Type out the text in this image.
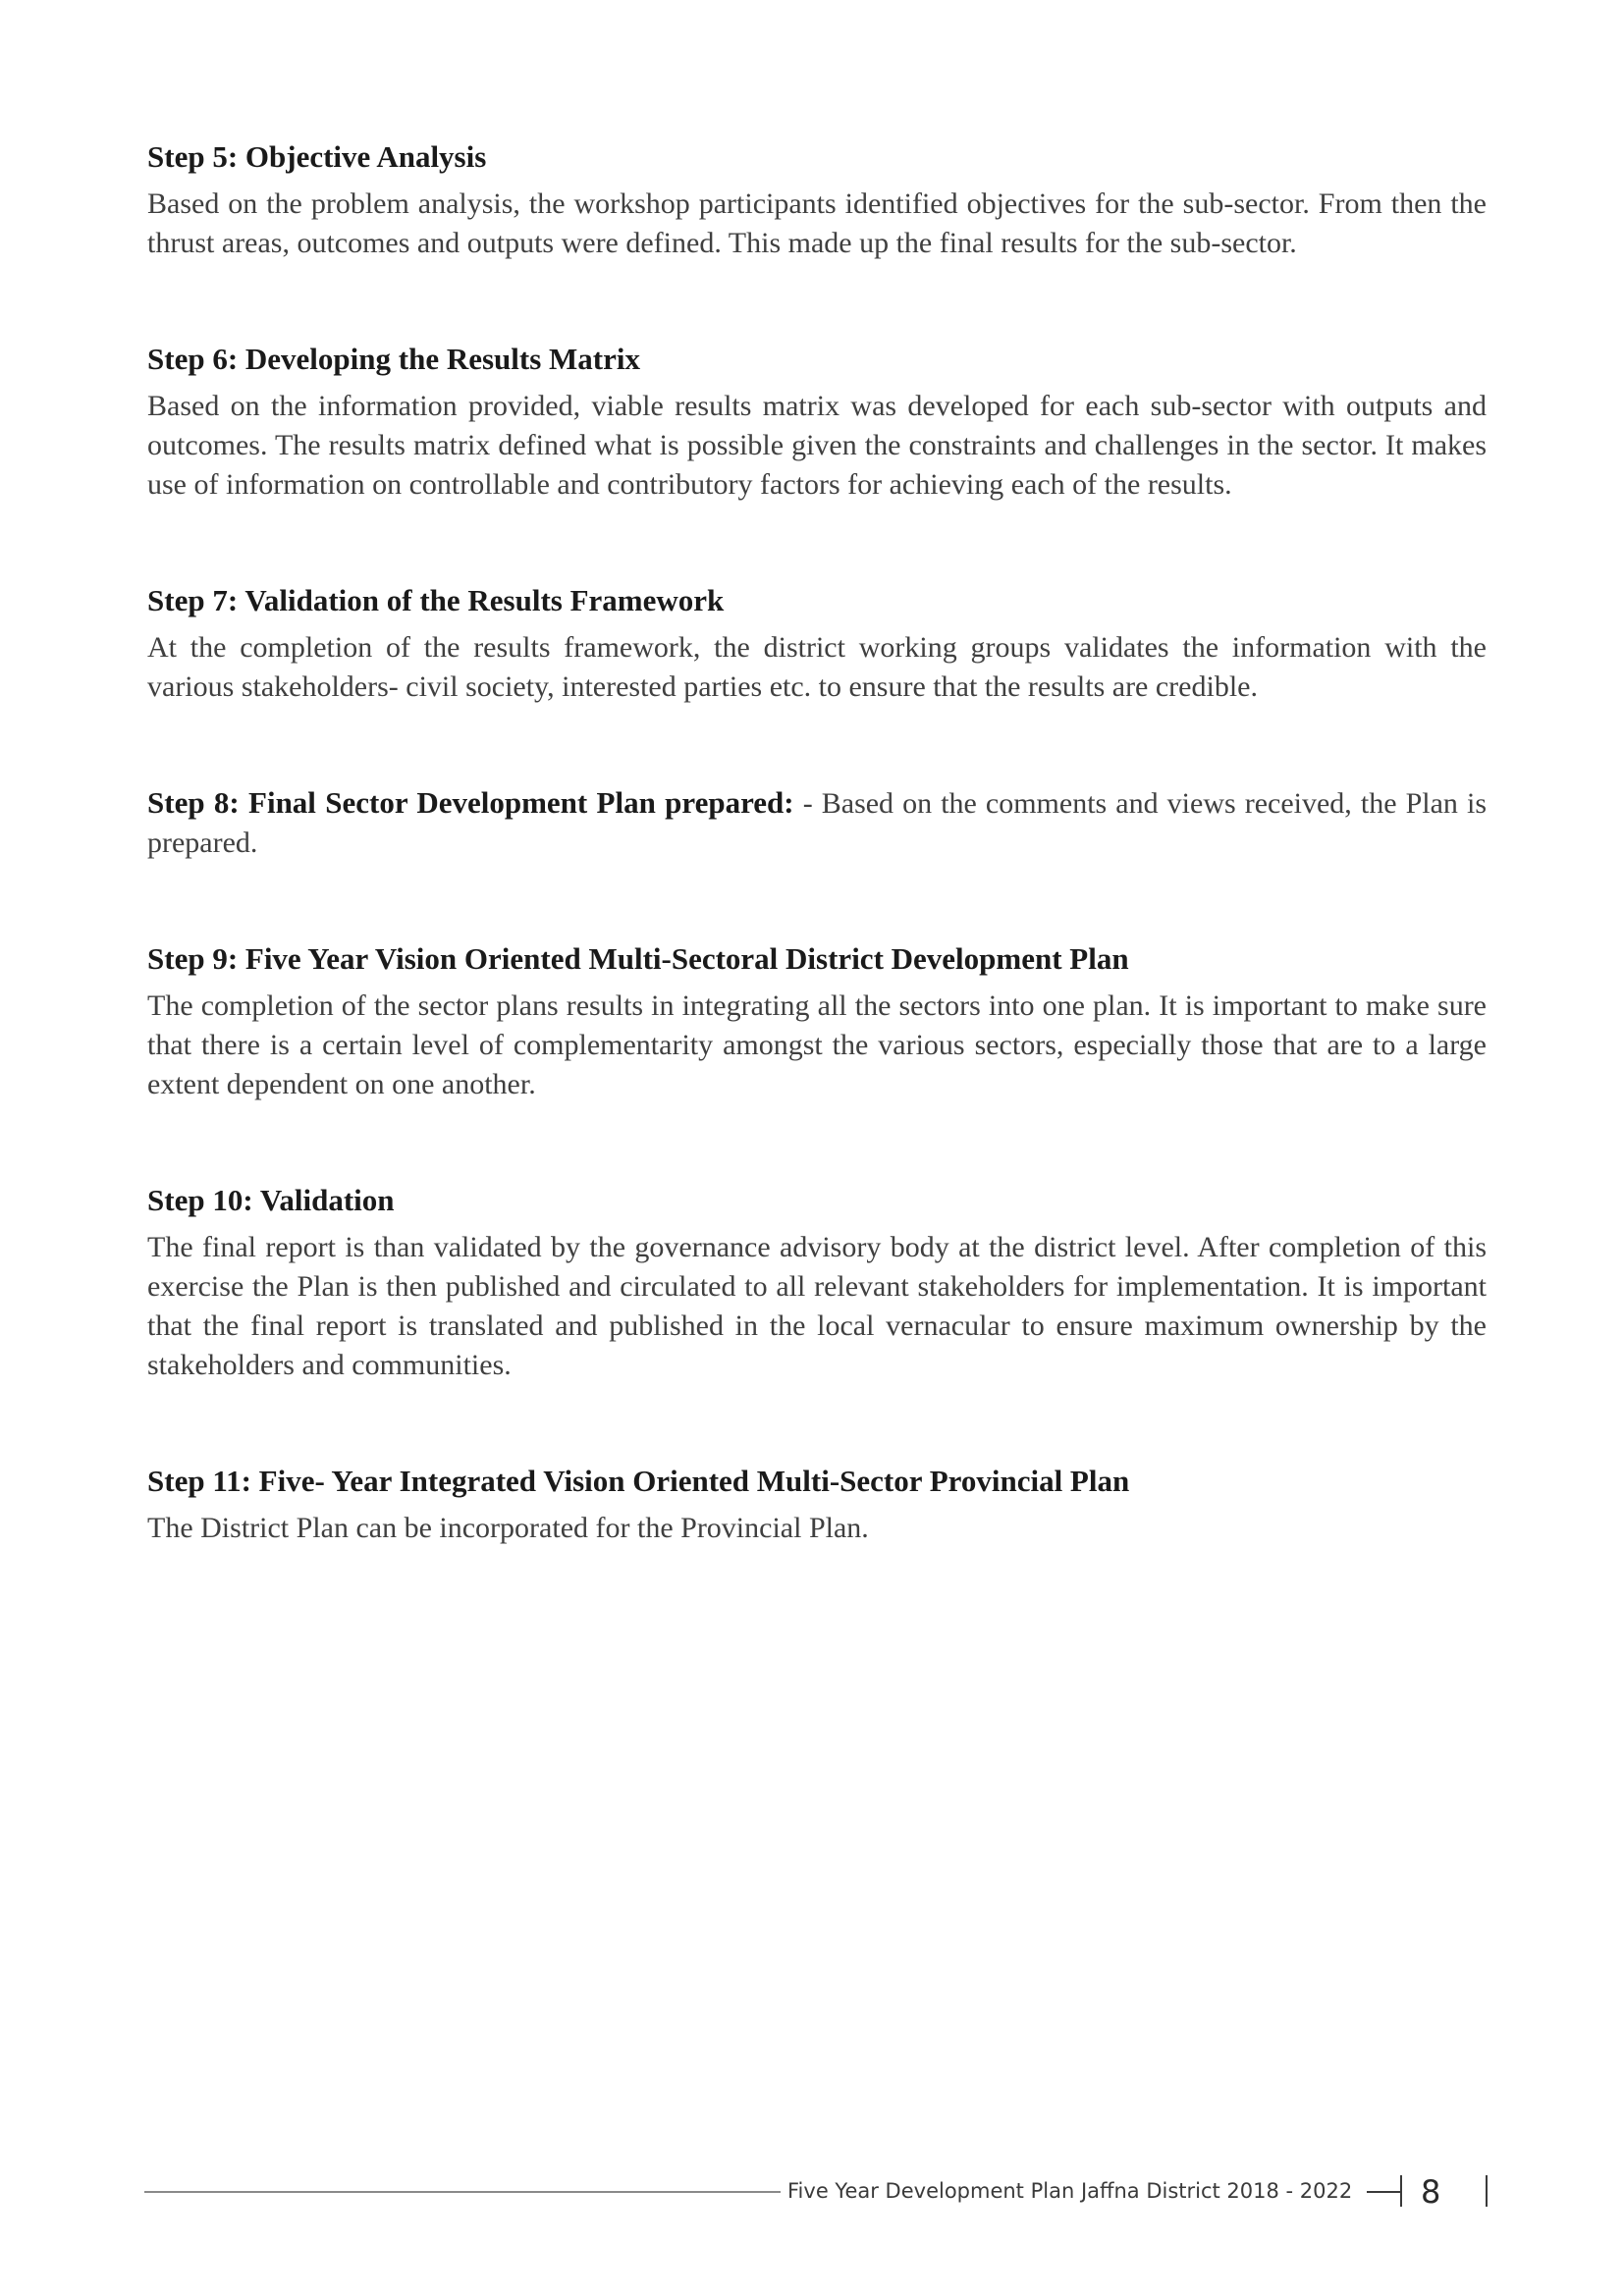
Step 5: Objective Analysis

Based on the problem analysis, the workshop participants identified objectives for the sub-sector. From then the thrust areas, outcomes and outputs were defined. This made up the final results for the sub-sector.

Step 6: Developing the Results Matrix

Based on the information provided, viable results matrix was developed for each sub-sector with outputs and outcomes. The results matrix defined what is possible given the constraints and challenges in the sector. It makes use of information on controllable and contributory factors for achieving each of the results.

Step 7: Validation of the Results Framework

At the completion of the results framework, the district working groups validates the information with the various stakeholders- civil society, interested parties etc. to ensure that the results are credible.

Step 8: Final Sector Development Plan prepared: - Based on the comments and views received, the Plan is prepared.

Step 9: Five Year Vision Oriented Multi-Sectoral District Development Plan

The completion of the sector plans results in integrating all the sectors into one plan. It is important to make sure that there is a certain level of complementarity amongst the various sectors, especially those that are to a large extent dependent on one another.

Step 10: Validation

The final report is than validated by the governance advisory body at the district level. After completion of this exercise the Plan is then published and circulated to all relevant stakeholders for implementation. It is important that the final report is translated and published in the local vernacular to ensure maximum ownership by the stakeholders and communities.

Step 11: Five- Year Integrated Vision Oriented Multi-Sector Provincial Plan

The District Plan can be incorporated for the Provincial Plan.

Five Year Development Plan Jaffna District 2018 - 2022 8
